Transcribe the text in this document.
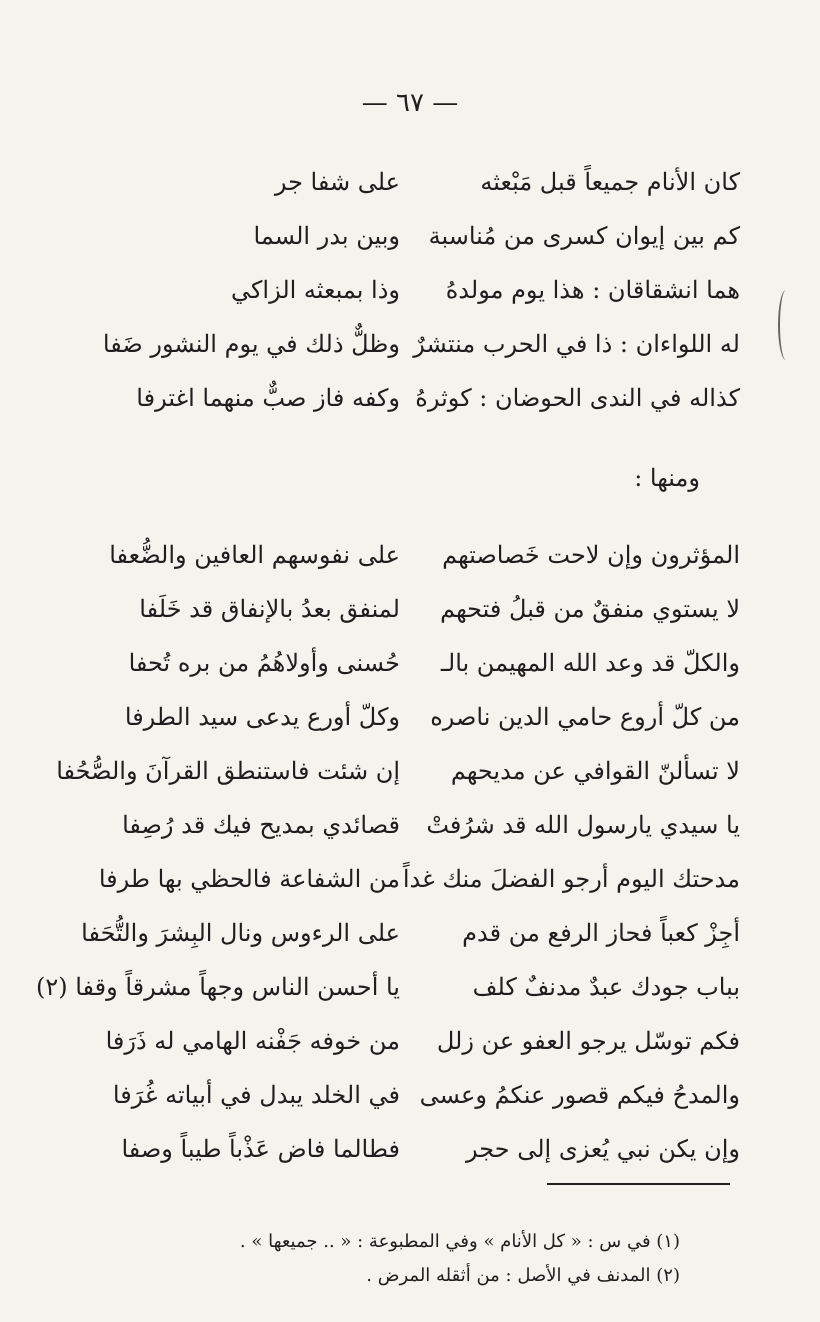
— ٦٧ —
كان الأنام جميعاً قبل مَبْعثه
على شفا جر
كم بين إيوان كسرى من مُناسبة
وبين بدر السما
هما انشقاقان : هذا يوم مولدهُ
وذا بمبعثه الزاكي
له اللواءان : ذا في الحرب منتشرٌ
وظلٌّ ذلك في يوم النشور ضَفا
كذاله في الندى الحوضان : كوثرهُ
وكفه فاز صبٌّ منهما اغترفا
ومنها :
المؤثرون وإن لاحت خَصاصتهم
على نفوسهم العافين والضُّعفا
لا يستوي منفقٌ من قبلُ فتحهم
لمنفق بعدُ بالإنفاق قد خَلَفا
والكلّ قد وعد الله المهيمن بالـ
حُسنى وأولاهُمُ من بره تُحفا
من كلّ أروع حامي الدين ناصره
وكلّ أورع يدعى سيد الطرفا
لا تسألنّ القوافي عن مديحهم
إن شئت فاستنطق القرآنَ والصُّحُفا
يا سيدي يارسول الله قد شرُفتْ
قصائدي بمديح فيك قد رُصِفا
مدحتك اليوم أرجو الفضلَ منك غداً
من الشفاعة فالحظي بها طرفا
أجِزْ كعباً فحاز الرفع من قدم
على الرءوس ونال البِشرَ والتُّحَفا
بباب جودك عبدٌ مدنفٌ كلف
يا أحسن الناس وجهاً مشرقاً وقفا (٢)
فكم توسّل يرجو العفو عن زلل
من خوفه جَفْنه الهامي له ذَرَفا
والمدحُ فيكم قصور عنكمُ وعسى
في الخلد يبدل في أبياته غُرَفا
وإن يكن نبي يُعزى إلى حجر
فطالما فاض عَذْباً طيباً وصفا
(١) في س : « كل الأنام » وفي المطبوعة : « .. جميعها » .
(٢) المدنف في الأصل : من أثقله المرض .
